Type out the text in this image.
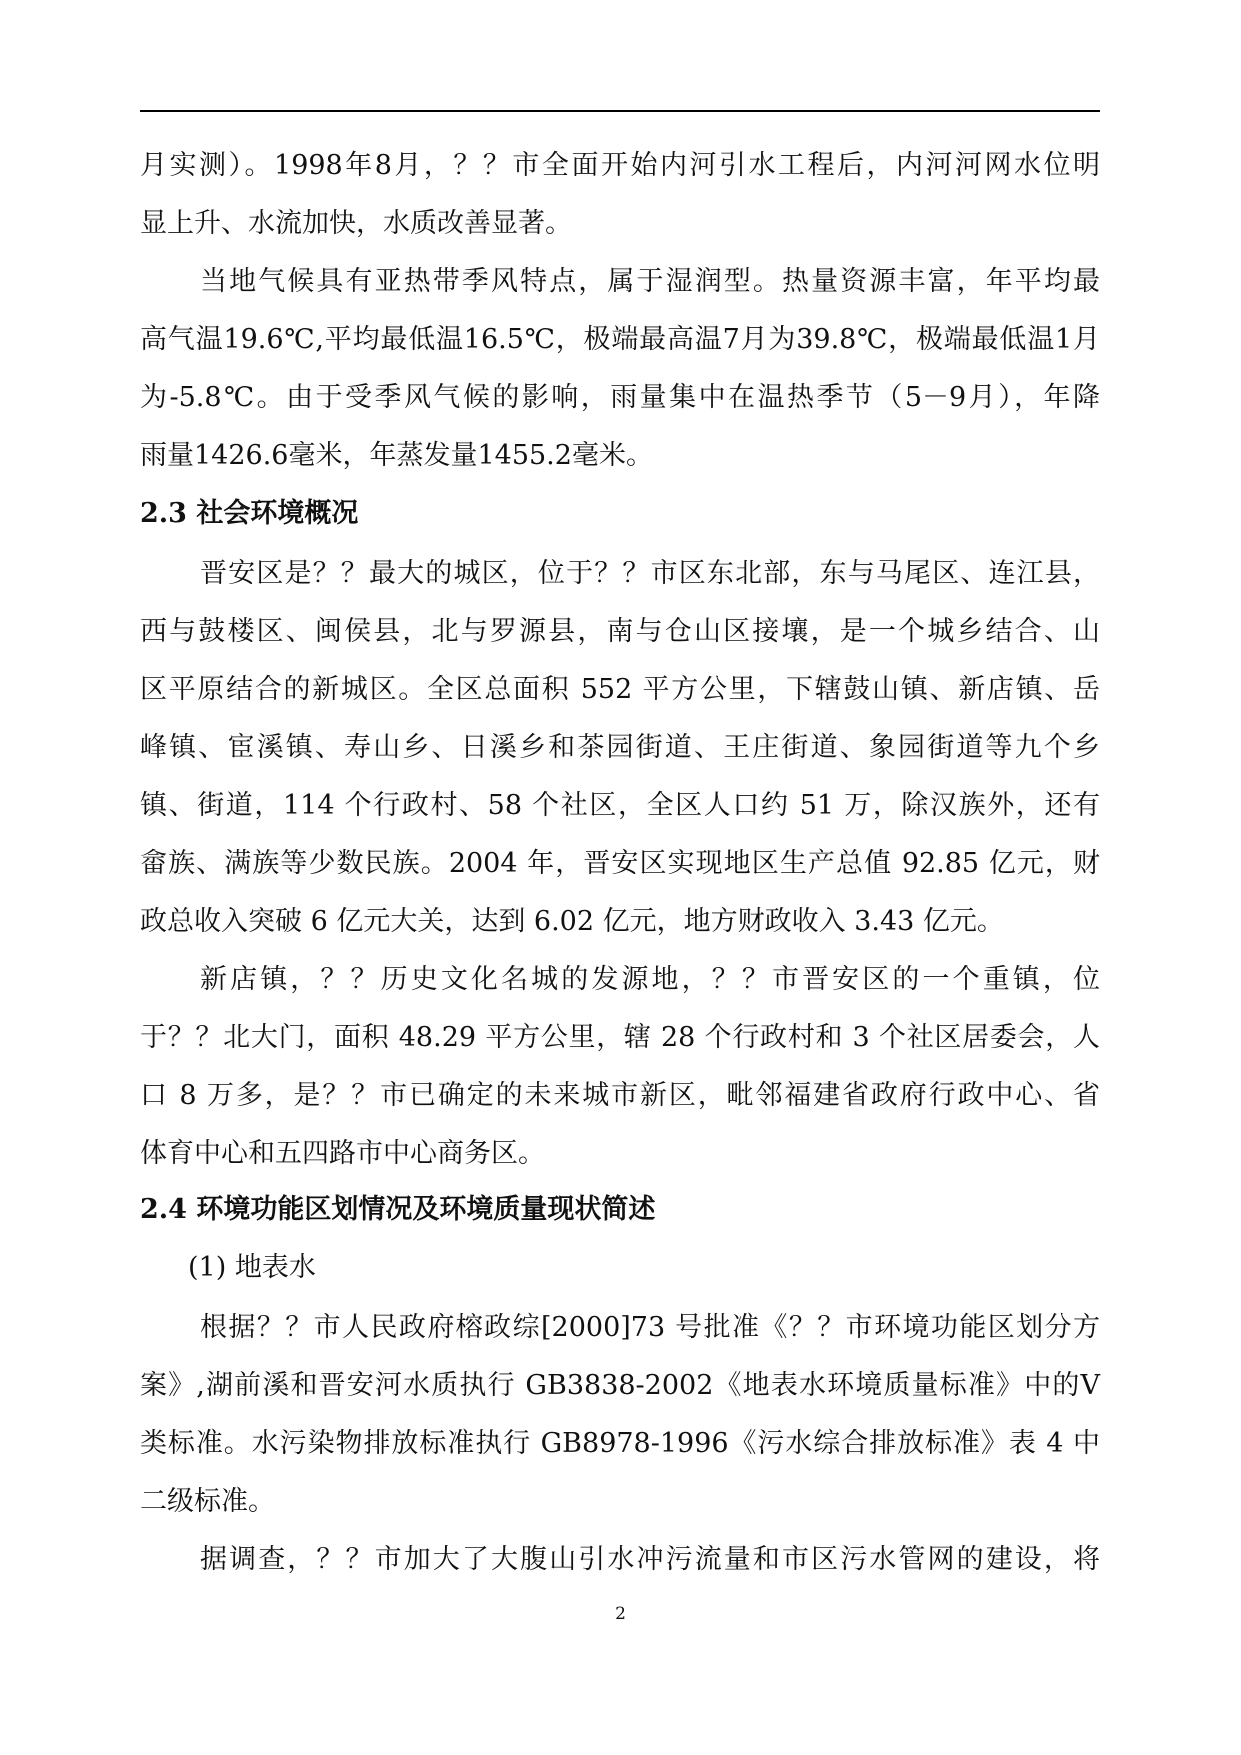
月实测）。1998年8月，？？市全面开始内河引水工程后，内河河网水位明
显上升、水流加快，水质改善显著。
当地气候具有亚热带季风特点，属于湿润型。热量资源丰富，年平均最
高气温19.6℃,平均最低温16.5℃，极端最高温7月为39.8℃，极端最低温1月
为-5.8℃。由于受季风气候的影响，雨量集中在温热季节（5－9月），年降
雨量1426.6毫米，年蒸发量1455.2毫米。
2.3 社会环境概况
晋安区是？？最大的城区，位于？？市区东北部，东与马尾区、连江县，
西与鼓楼区、闽侯县，北与罗源县，南与仓山区接壤，是一个城乡结合、山
区平原结合的新城区。全区总面积 552 平方公里，下辖鼓山镇、新店镇、岳
峰镇、宦溪镇、寿山乡、日溪乡和茶园街道、王庄街道、象园街道等九个乡
镇、街道，114 个行政村、58 个社区，全区人口约 51 万，除汉族外，还有
畲族、满族等少数民族。2004 年，晋安区实现地区生产总值 92.85 亿元，财
政总收入突破 6 亿元大关，达到 6.02 亿元，地方财政收入 3.43 亿元。
新店镇，？？历史文化名城的发源地，？？市晋安区的一个重镇，位
于？？北大门，面积 48.29 平方公里，辖 28 个行政村和 3 个社区居委会，人
口 8 万多，是？？市已确定的未来城市新区，毗邻福建省政府行政中心、省
体育中心和五四路市中心商务区。
2.4 环境功能区划情况及环境质量现状简述
(1) 地表水
根据？？市人民政府榕政综[2000]73 号批准《？？市环境功能区划分方
案》,湖前溪和晋安河水质执行 GB3838-2002《地表水环境质量标准》中的Ⅴ
类标准。水污染物排放标准执行 GB8978-1996《污水综合排放标准》表 4 中
二级标准。
据调查，？？市加大了大腹山引水冲污流量和市区污水管网的建设，将
2
